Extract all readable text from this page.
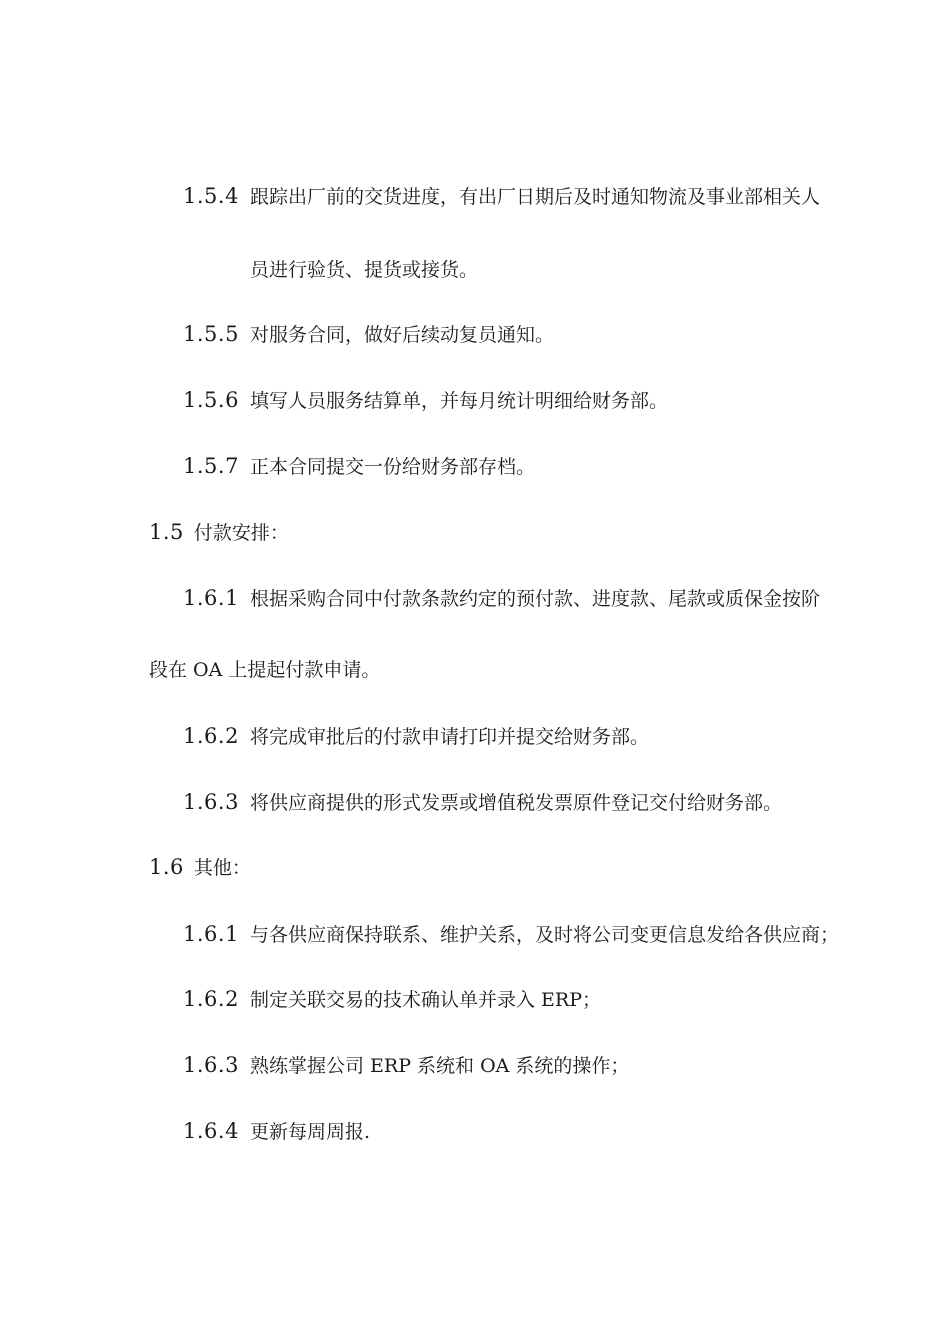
1.5.4 跟踪出厂前的交货进度，有出厂日期后及时通知物流及事业部相关人
员进行验货、提货或接货。
1.5.5 对服务合同，做好后续动复员通知。
1.5.6 填写人员服务结算单，并每月统计明细给财务部。
1.5.7 正本合同提交一份给财务部存档。
1.5 付款安排：
1.6.1 根据采购合同中付款条款约定的预付款、进度款、尾款或质保金按阶
段在 OA 上提起付款申请。
1.6.2 将完成审批后的付款申请打印并提交给财务部。
1.6.3 将供应商提供的形式发票或增值税发票原件登记交付给财务部。
1.6 其他：
1.6.1 与各供应商保持联系、维护关系，及时将公司变更信息发给各供应商；
1.6.2 制定关联交易的技术确认单并录入 ERP；
1.6.3 熟练掌握公司 ERP 系统和 OA 系统的操作；
1.6.4 更新每周周报.
